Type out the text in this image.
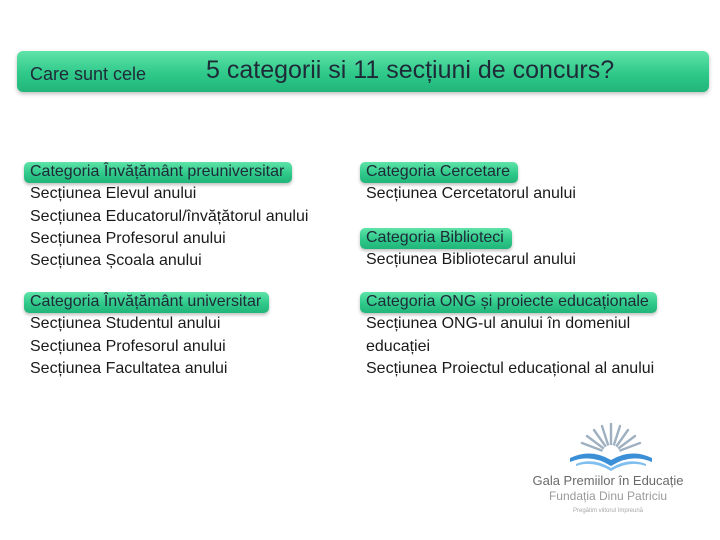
Care sunt cele 5 categorii si 11 secțiuni de concurs?
Categoria Învățământ preuniversitar
Secțiunea Elevul anului
Secțiunea Educatorul/învățătorul anului
Secțiunea Profesorul anului
Secțiunea Școala anului
Categoria Cercetare
Secțiunea Cercetatorul anului
Categoria Biblioteci
Secțiunea Bibliotecarul anului
Categoria Învățământ universitar
Secțiunea Studentul anului
Secțiunea Profesorul anului
Secțiunea Facultatea anului
Categoria ONG și proiecte educaționale
Secțiunea ONG-ul anului în domeniul
educației
Secțiunea Proiectul educațional al anului
Gala Premiilor în Educație
Fundația Dinu Patriciu
Pregătim viitorul împreună
